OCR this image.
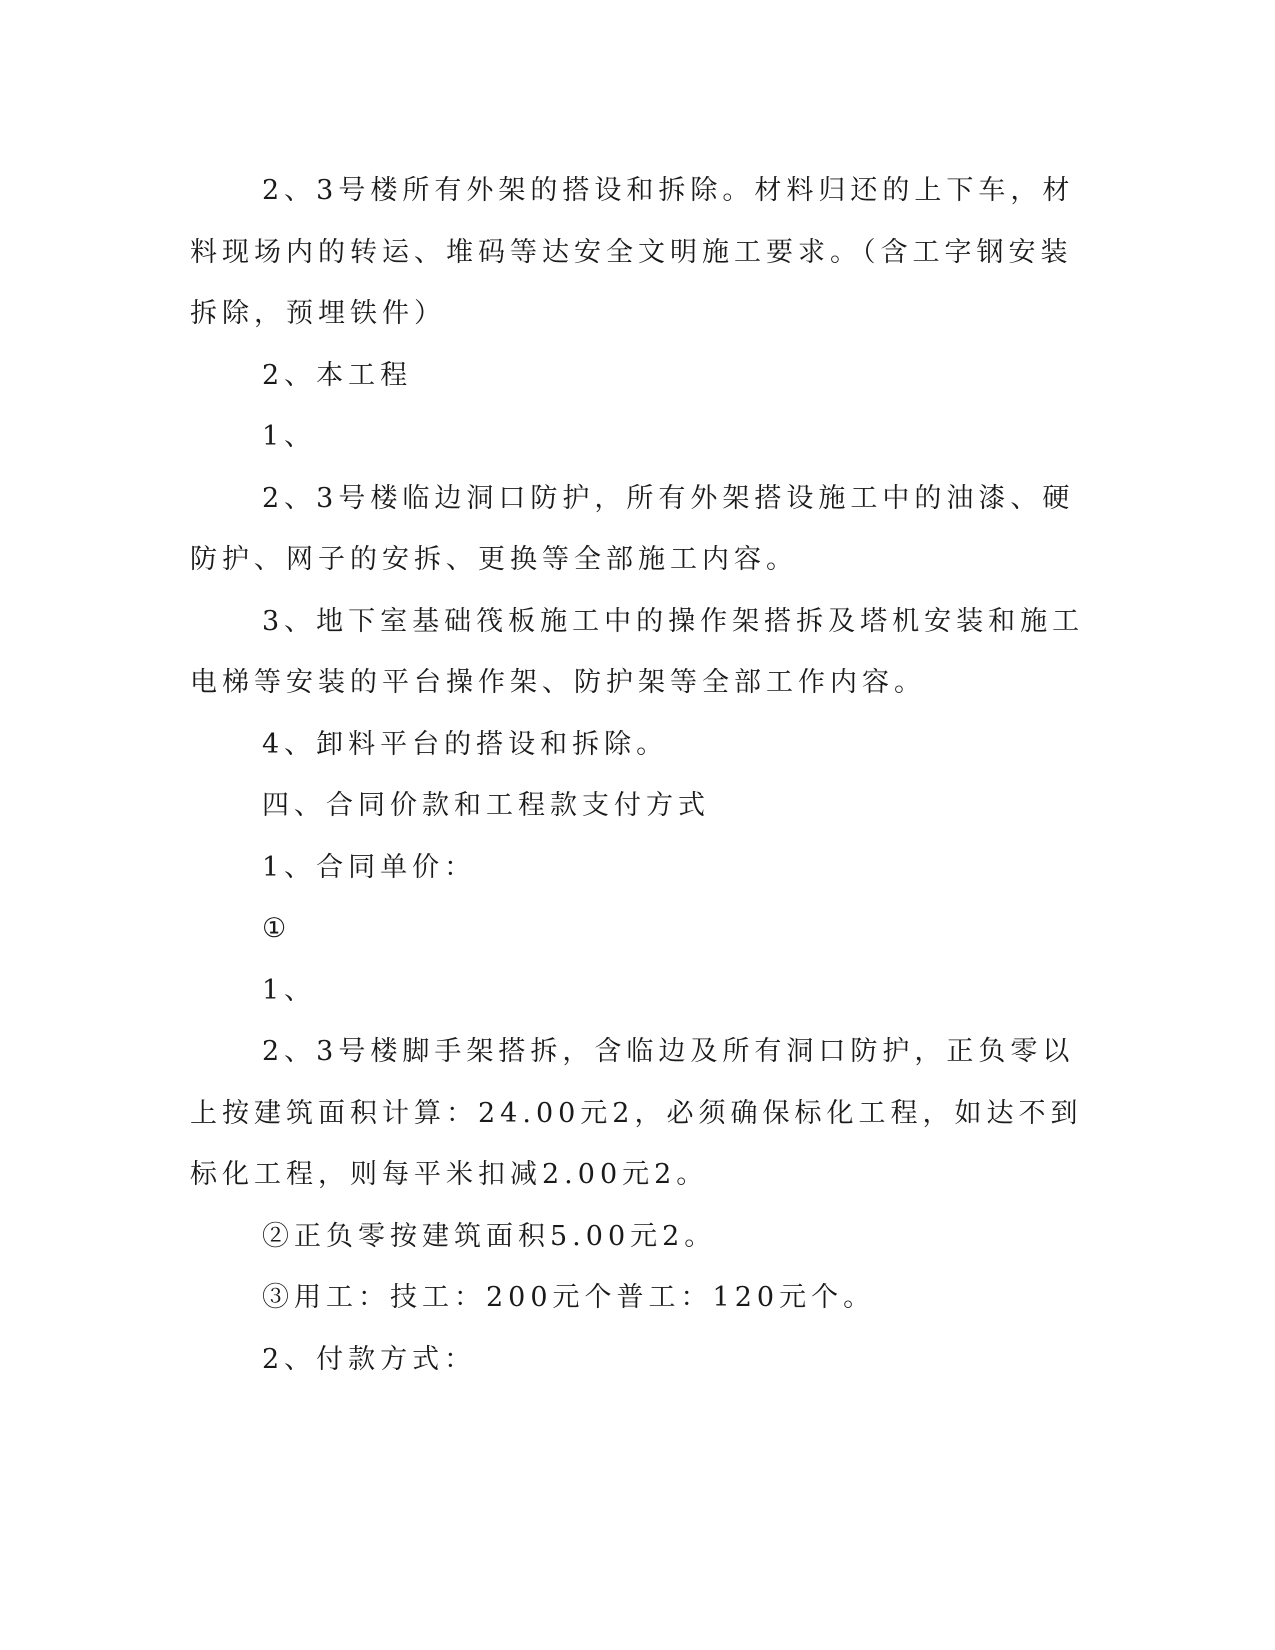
2、3号楼所有外架的搭设和拆除。材料归还的上下车，材料现场内的转运、堆码等达安全文明施工要求。（含工字钢安装拆除，预埋铁件）

2、本工程

1、

2、3号楼临边洞口防护，所有外架搭设施工中的油漆、硬防护、网子的安拆、更换等全部施工内容。

3、地下室基础筏板施工中的操作架搭拆及塔机安装和施工电梯等安装的平台操作架、防护架等全部工作内容。

4、卸料平台的搭设和拆除。

四、合同价款和工程款支付方式

1、合同单价：

①

1、

2、3号楼脚手架搭拆，含临边及所有洞口防护，正负零以上按建筑面积计算：24.00元2，必须确保标化工程，如达不到标化工程，则每平米扣减2.00元2。

②正负零按建筑面积5.00元2。

③用工：技工：200元个普工：120元个。

2、付款方式：
